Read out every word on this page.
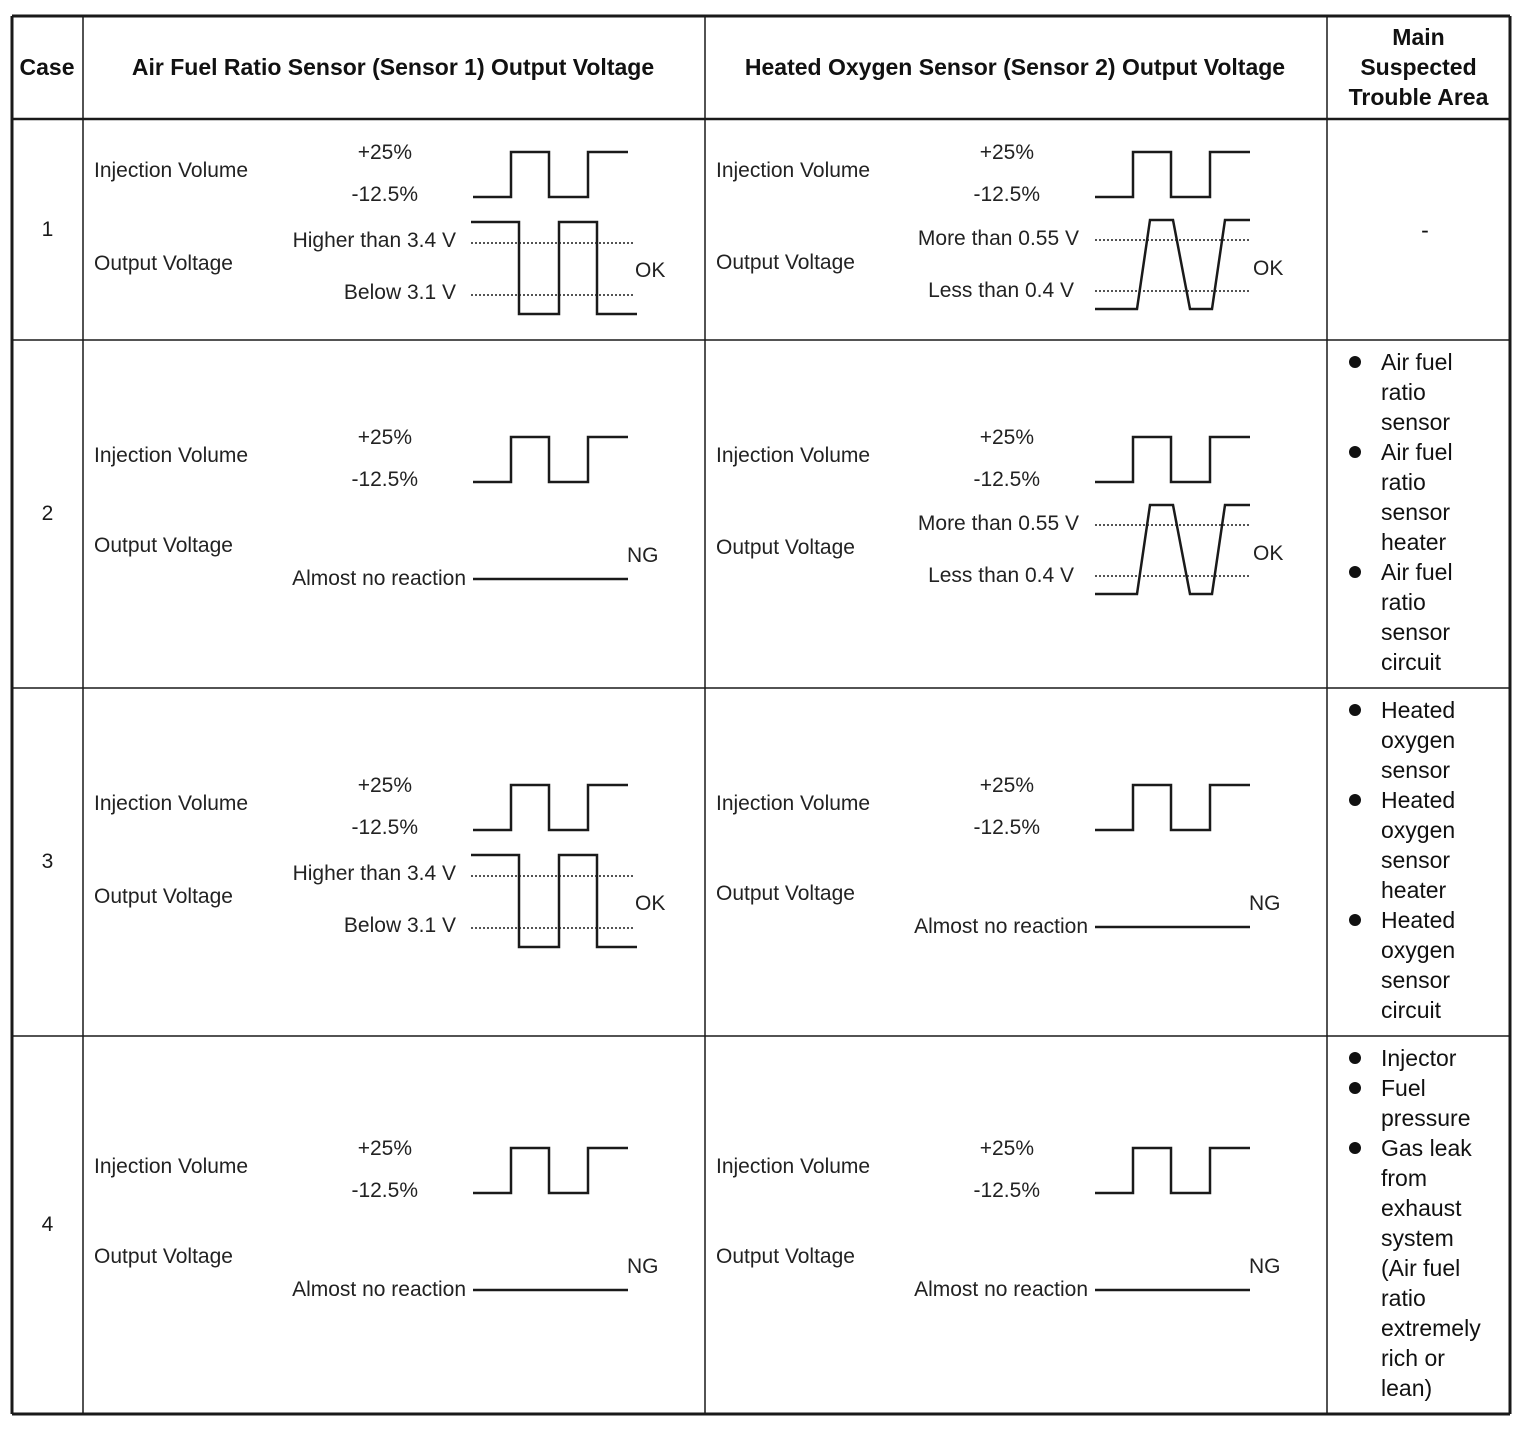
Case	Air Fuel Ratio Sensor (Sensor 1) Output Voltage	Heated Oxygen Sensor (Sensor 2) Output Voltage
Main
Suspected
Trouble Area
1
Injection Volume
+25%
-12.5%
Output Voltage
Higher than 3.4 V
Below 3.1 V
OK
Injection Volume
+25%
-12.5%
Output Voltage
More than 0.55 V
Less than 0.4 V
OK
-
2
Injection Volume
+25%
-12.5%
Output Voltage
Almost no reaction
NG
Injection Volume
+25%
-12.5%
Output Voltage
More than 0.55 V
Less than 0.4 V
OK
Air fuel
ratio
sensor
Air fuel
ratio
sensor
heater
Air fuel
ratio
sensor
circuit
3
Injection Volume
+25%
-12.5%
Output Voltage
Higher than 3.4 V
Below 3.1 V
OK
Injection Volume
+25%
-12.5%
Output Voltage
Almost no reaction
NG
Heated
oxygen
sensor
Heated
oxygen
sensor
heater
Heated
oxygen
sensor
circuit
4
Injection Volume
+25%
-12.5%
Output Voltage
Almost no reaction
NG
Injection Volume
+25%
-12.5%
Output Voltage
Almost no reaction
NG
Injector
Fuel
pressure
Gas leak
from
exhaust
system
(Air fuel
ratio
extremely
rich or
lean)
